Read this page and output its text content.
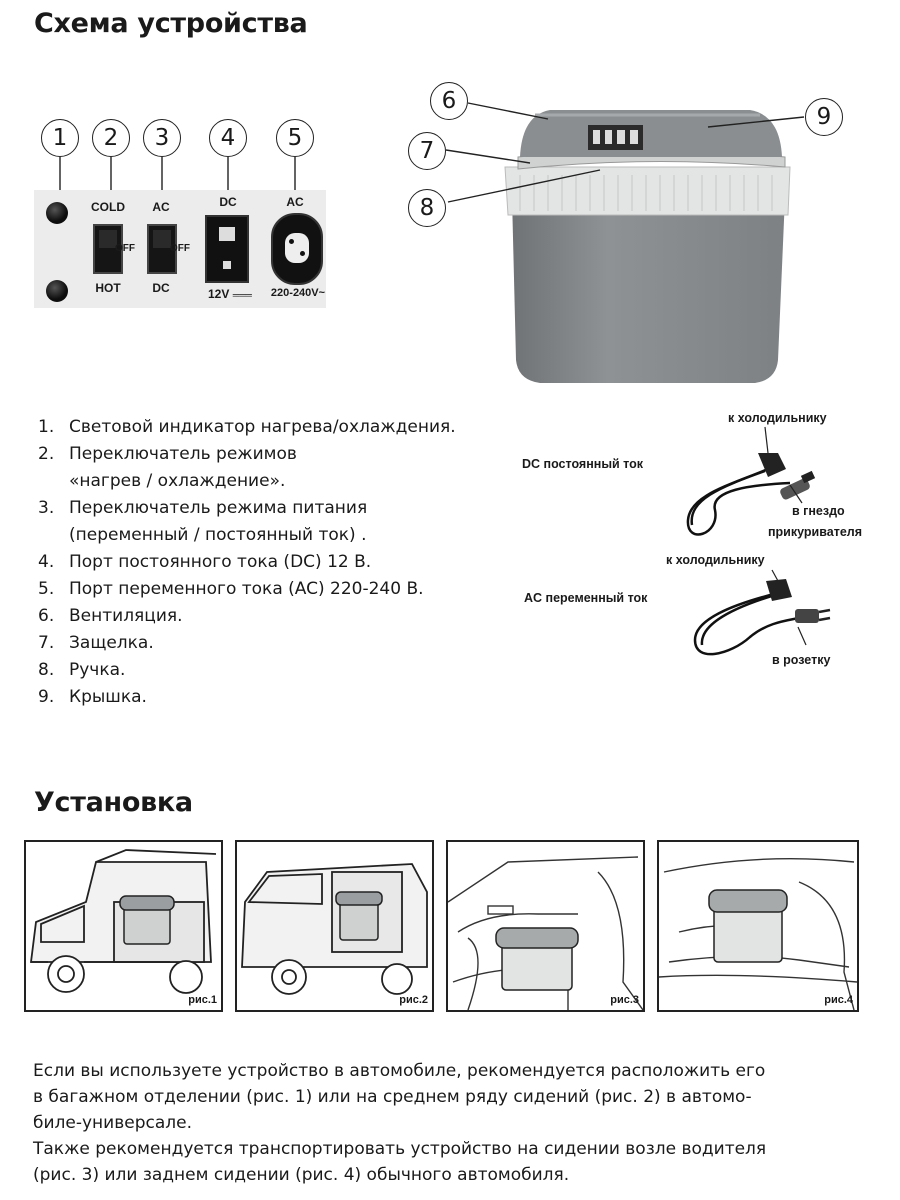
Схема устройства
1	2	3	4	5
COLD
OFF
HOT
AC
OFF
DC
DC
12V ═══
AC
220-240V~
6
7
8
9
1. Световой индикатор нагрева/охлаждения.
2. Переключатель режимов
«нагрев / охлаждение».
3. Переключатель режима питания
(переменный / постоянный ток) .
4. Порт постоянного тока (DC) 12 В.
5. Порт переменного тока (AC) 220-240 В.
6. Вентиляция.
7. Защелка.
8. Ручка.
9. Крышка.
к холодильнику
DC постоянный ток
в гнездо
прикуривателя
к холодильнику
AC переменный ток
в розетку
Установка
рис.1	рис.2	рис.3	рис.4
Если вы используете устройство в автомобиле, рекомендуется расположить его
в багажном отделении (рис. 1) или на среднем ряду сидений (рис. 2) в автомо-
биле-универсале.
Также рекомендуется транспортировать устройство на сидении возле водителя
(рис. 3) или заднем сидении (рис. 4) обычного автомобиля.
